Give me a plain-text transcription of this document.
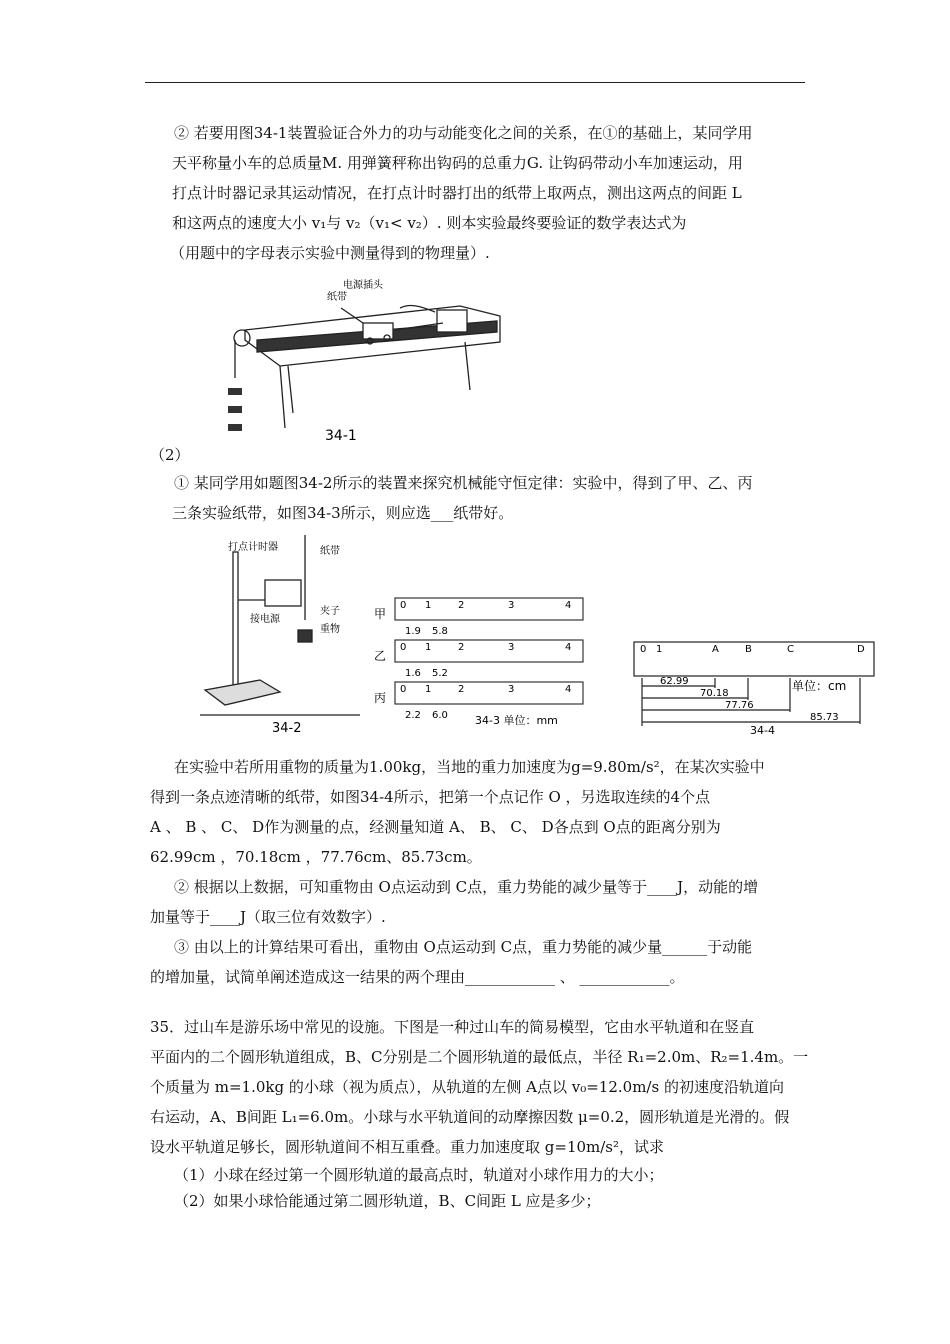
② 若要用图34-1装置验证合外力的功与动能变化之间的关系，在①的基础上，某同学用
天平称量小车的总质量M. 用弹簧秤称出钩码的总重力G. 让钩码带动小车加速运动，用
打点计时器记录其运动情况，在打点计时器打出的纸带上取两点，测出这两点的间距 L
和这两点的速度大小 v₁与 v₂（v₁< v₂）. 则本实验最终要验证的数学表达式为
（用题中的字母表示实验中测量得到的物理量）.
纸带
电源插头
34-1
（2）
① 某同学用如题图34-2所示的装置来探究机械能守恒定律：实验中，得到了甲、乙、丙
三条实验纸带，如图34-3所示，则应选___纸带好。
打点计时器	纸带
接电源
夹子
重物
34-2
甲
乙
丙
0 1	2	3	4
0 1	2	3	4
0 1	2	3	4
1.9 5.8
1.6 5.2
2.2 6.0 34-3 单位：mm
0 1	A	B	C	D
62.99
70.18
77.76
85.73
单位：cm
34-4
在实验中若所用重物的质量为1.00kg，当地的重力加速度为g=9.80m/s²，在某次实验中
得到一条点迹清晰的纸带，如图34-4所示，把第一个点记作 O ，另选取连续的4个点
A 、 B 、 C、 D作为测量的点，经测量知道 A、 B、 C、 D各点到 O点的距离分别为
62.99cm ，70.18cm ，77.76cm、85.73cm。
② 根据以上数据，可知重物由 O点运动到 C点，重力势能的减少量等于____J，动能的增
加量等于____J（取三位有效数字）.
③ 由以上的计算结果可看出，重物由 O点运动到 C点，重力势能的减少量______于动能
的增加量，试简单阐述造成这一结果的两个理由____________ 、 ____________。
35．过山车是游乐场中常见的设施。下图是一种过山车的简易模型，它由水平轨道和在竖直
平面内的二个圆形轨道组成，B、C分别是二个圆形轨道的最低点，半径 R₁=2.0m、R₂=1.4m。一
个质量为 m=1.0kg 的小球（视为质点），从轨道的左侧 A点以 v₀=12.0m/s 的初速度沿轨道向
右运动，A、B间距 L₁=6.0m。小球与水平轨道间的动摩擦因数 μ=0.2，圆形轨道是光滑的。假
设水平轨道足够长，圆形轨道间不相互重叠。重力加速度取 g=10m/s²，试求
（1）小球在经过第一个圆形轨道的最高点时，轨道对小球作用力的大小；
（2）如果小球恰能通过第二圆形轨道，B、C间距 L 应是多少；
